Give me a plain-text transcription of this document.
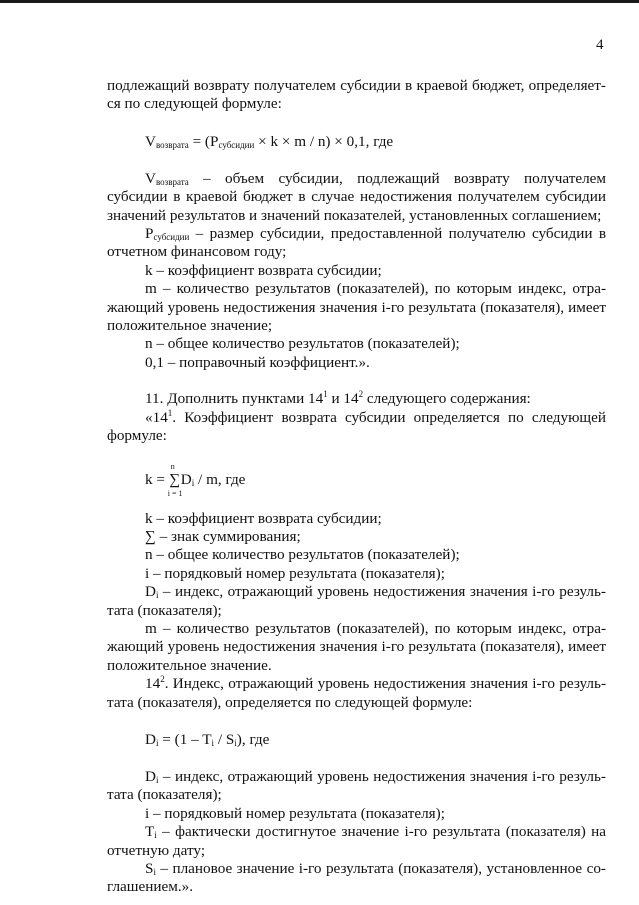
4

подлежащий возврату получателем субсидии в краевой бюджет, определяет-ся по следующей формуле:

$V_{возврата} = (P_{субсидии} \times k \times m / n) \times 0,1$, где

$V_{возврата}$ – объем субсидии, подлежащий возврату получателем субсидии в краевой бюджет в случае недостижения получателем субсидии значений результатов и значений показателей, установленных соглашением;

$P_{субсидии}$ – размер субсидии, предоставленной получателю субсидии в отчетном финансовом году;

k – коэффициент возврата субсидии;

m – количество результатов (показателей), по которым индекс, отра-жающий уровень недостижения значения i-го результата (показателя), имеет положительное значение;

n – общее количество результатов (показателей);

0,1 – поправочный коэффициент.».

11. Дополнить пунктами $14^1$ и $14^2$ следующего содержания:

«$14^1$. Коэффициент возврата субсидии определяется по следующей формуле:

k =
n
∑
i = 1
$D_i$ / m, где

k – коэффициент возврата субсидии;

∑ – знак суммирования;

n – общее количество результатов (показателей);

i – порядковый номер результата (показателя);

$D_i$ – индекс, отражающий уровень недостижения значения i-го резуль-тата (показателя);

m – количество результатов (показателей), по которым индекс, отра-жающий уровень недостижения значения i-го результата (показателя), имеет положительное значение.

$14^2$. Индекс, отражающий уровень недостижения значения i-го резуль-тата (показателя), определяется по следующей формуле:

$D_i = (1 - T_i / S_i)$, где

$D_i$ – индекс, отражающий уровень недостижения значения i-го резуль-тата (показателя);

i – порядковый номер результата (показателя);

$T_i$ – фактически достигнутое значение i-го результата (показателя) на отчетную дату;

$S_i$ – плановое значение i-го результата (показателя), установленное со-глашением.».
